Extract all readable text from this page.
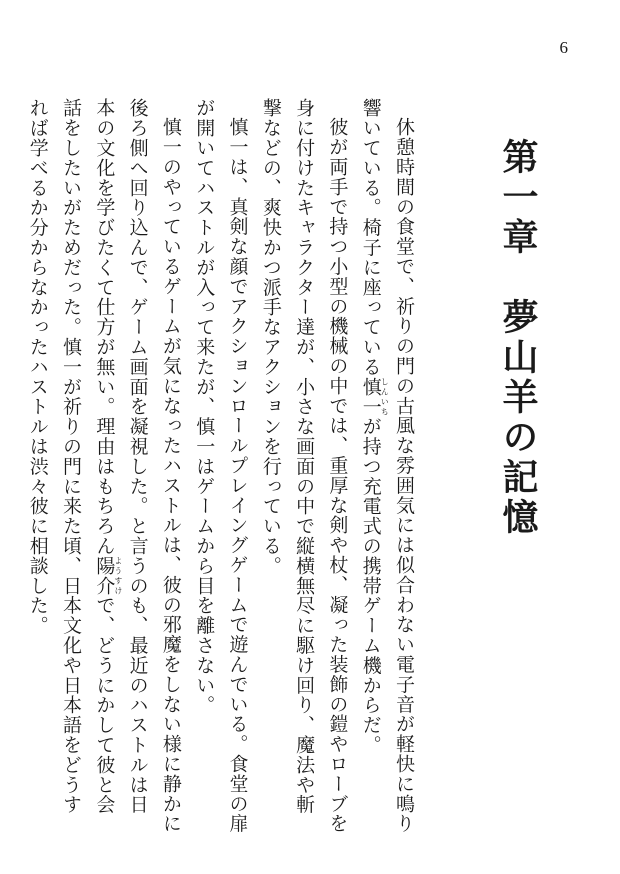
6
第一章　夢山羊の記憶

休憩時間の食堂で、祈りの門の古風な雰囲気には似合わない電子音が軽快に鳴り響いている。椅子に座っている慎一しんいちが持つ充電式の携帯ゲーム機からだ。

彼が両手で持つ小型の機械の中では、重厚な剣や杖、凝った装飾の鎧やローブを身に付けたキャラクター達が、小さな画面の中で縦横無尽に駆け回り、魔法や斬撃などの、爽快かつ派手なアクションを行っている。

慎一は、真剣な顔でアクションロールプレイングゲームで遊んでいる。食堂の扉が開いてハストルが入って来たが、慎一はゲームから目を離さない。

慎一のやっているゲームが気になったハストルは、彼の邪魔をしない様に静かに後ろ側へ回り込んで、ゲーム画面を凝視した。と言うのも、最近のハストルは日本の文化を学びたくて仕方が無い。理由はもちろん陽介ようすけで、どうにかして彼と会話をしたいがためだった。慎一が祈りの門に来た頃、日本文化や日本語をどうすれば学べるか分からなかったハストルは渋々彼に相談した。
